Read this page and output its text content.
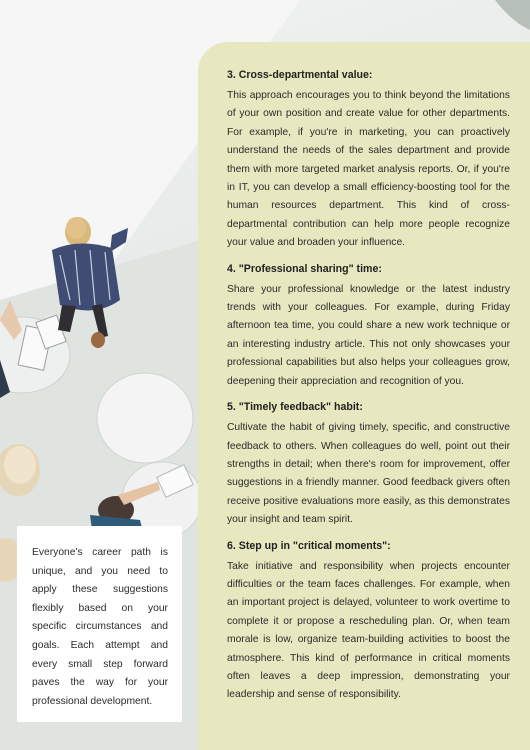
3. Cross-departmental value:

This approach encourages you to think beyond the limitations of your own position and create value for other departments. For example, if you're in marketing, you can proactively understand the needs of the sales department and provide them with more targeted market analysis reports. Or, if you're in IT, you can develop a small efficiency-boosting tool for the human resources department. This kind of cross-departmental contribution can help more people recognize your value and broaden your influence.

4. "Professional sharing" time:

Share your professional knowledge or the latest industry trends with your colleagues. For example, during Friday afternoon tea time, you could share a new work technique or an interesting industry article. This not only showcases your professional capabilities but also helps your colleagues grow, deepening their appreciation and recognition of you.

5. "Timely feedback" habit:

Cultivate the habit of giving timely, specific, and constructive feedback to others. When colleagues do well, point out their strengths in detail; when there's room for improvement, offer suggestions in a friendly manner. Good feedback givers often receive positive evaluations more easily, as this demonstrates your insight and team spirit.

6. Step up in "critical moments":

Take initiative and responsibility when projects encounter difficulties or the team faces challenges. For example, when an important project is delayed, volunteer to work overtime to complete it or propose a rescheduling plan. Or, when team morale is low, organize team-building activities to boost the atmosphere. This kind of performance in critical moments often leaves a deep impression, demonstrating your leadership and sense of responsibility.

Everyone's career path is unique, and you need to apply these suggestions flexibly based on your specific circumstances and goals. Each attempt and every small step forward paves the way for your professional development.
